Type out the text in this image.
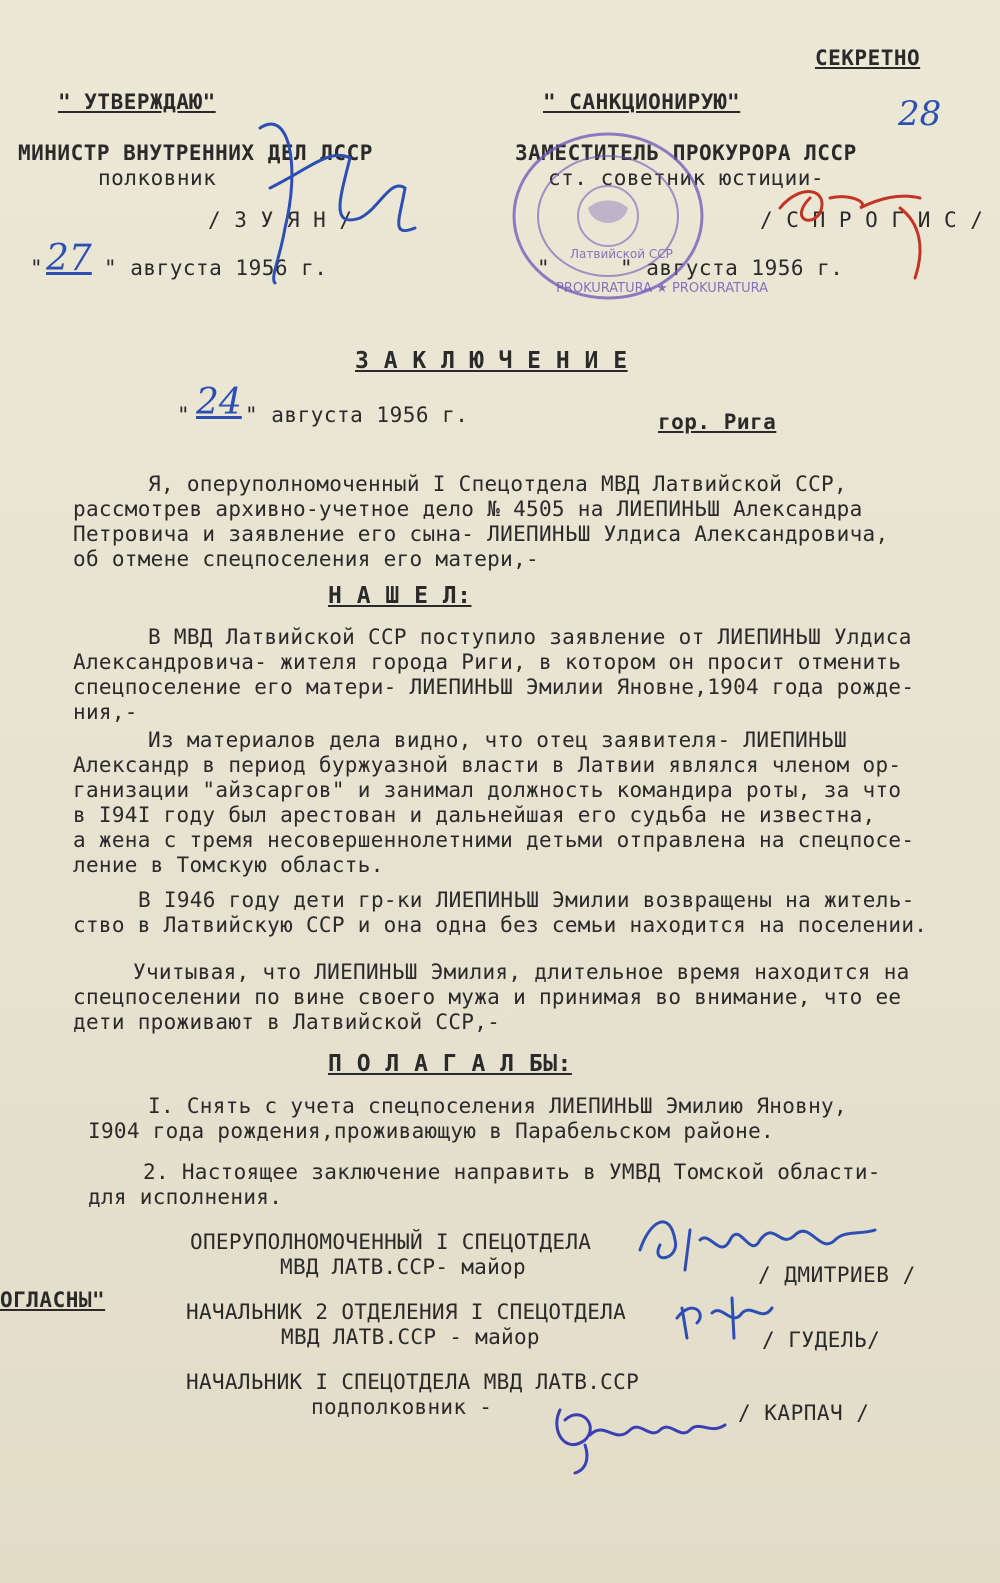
СЕКРЕТНО
28
" УТВЕРЖДАЮ"
МИНИСТР ВНУТРЕННИХ ДЕЛ ЛССР
полковник
/ З У Я Н /
" 27 " августа 1956 г.
" САНКЦИОНИРУЮ"
ЗАМЕСТИТЕЛЬ ПРОКУРОРА ЛССР
ст. советник юстиции-
/ С П Р О Г И С /
"	" августа 1956 г.
PROKURATŪRA ★ PROKURATURA
Латвийской ССР
З А К Л Ю Ч Е Н И Е
" 24 " августа 1956 г.	гор. Рига
Я, оперуполномоченный I Спецотдела МВД Латвийской ССР,
рассмотрев архивно-учетное дело № 4505 на ЛИЕПИНЬШ Александра
Петровича и заявление его сына- ЛИЕПИНЬШ Улдиса Александровича,
об отмене спецпоселения его матери,-
Н А Ш Е Л:
В МВД Латвийской ССР поступило заявление от ЛИЕПИНЬШ Улдиса
Александровича- жителя города Риги, в котором он просит отменить
спецпоселение его матери- ЛИЕПИНЬШ Эмилии Яновне,1904 года рожде-
ния,-
Из материалов дела видно, что отец заявителя- ЛИЕПИНЬШ
Александр в период буржуазной власти в Латвии являлся членом ор-
ганизации "айзсаргов" и занимал должность командира роты, за что
в I94I году был арестован и дальнейшая его судьба не известна,
а жена с тремя несовершеннолетними детьми отправлена на спецпосе-
ление в Томскую область.
В I946 году дети гр-ки ЛИЕПИНЬШ Эмилии возвращены на житель-
ство в Латвийскую ССР и она одна без семьи находится на поселении.
Учитывая, что ЛИЕПИНЬШ Эмилия, длительное время находится на
спецпоселении по вине своего мужа и принимая во внимание, что ее
дети проживают в Латвийской ССР,-
П О Л А Г А Л БЫ:
I. Снять с учета спецпоселения ЛИЕПИНЬШ Эмилию Яновну,
I904 года рождения,проживающую в Парабельском районе.
2. Настоящее заключение направить в УМВД Томской области-
для исполнения.
ОГЛАСНЫ"
ОПЕРУПОЛНОМОЧЕННЫЙ I СПЕЦОТДЕЛА
МВД ЛАТВ.ССР- майор	/ ДМИТРИЕВ /
НАЧАЛЬНИК 2 ОТДЕЛЕНИЯ I СПЕЦОТДЕЛА
МВД ЛАТВ.ССР - майор	/ ГУДЕЛЬ/
НАЧАЛЬНИК I СПЕЦОТДЕЛА МВД ЛАТВ.ССР
подполковник -	/ КАРПАЧ /
